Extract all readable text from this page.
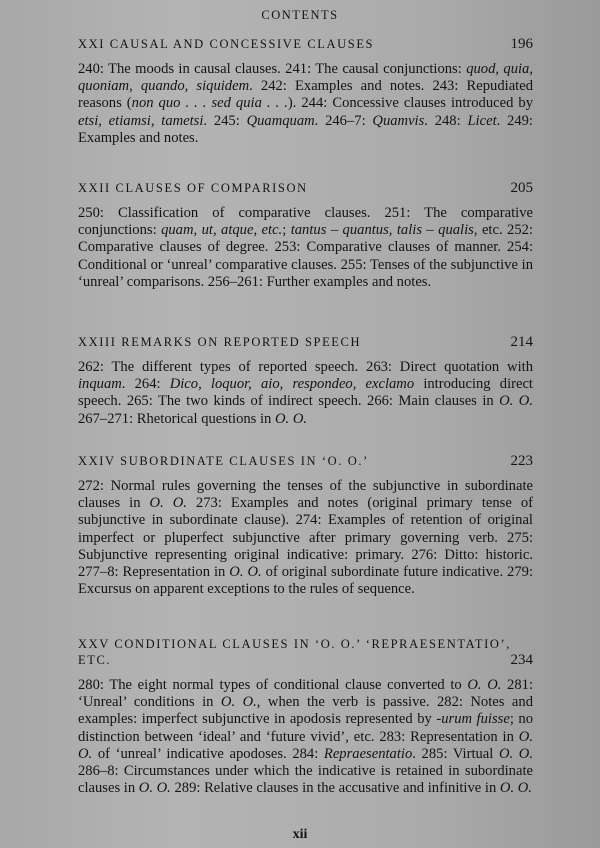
CONTENTS
XXI CAUSAL AND CONCESSIVE CLAUSES	196
240: The moods in causal clauses. 241: The causal conjunctions: quod, quia, quoniam, quando, siquidem. 242: Examples and notes. 243: Repudiated reasons (non quo . . . sed quia . . .). 244: Concessive clauses introduced by etsi, etiamsi, tametsi. 245: Quamquam. 246–7: Quamvis. 248: Licet. 249: Examples and notes.
XXII CLAUSES OF COMPARISON	205
250: Classification of comparative clauses. 251: The comparative conjunctions: quam, ut, atque, etc.; tantus – quantus, talis – qualis, etc. 252: Comparative clauses of degree. 253: Comparative clauses of manner. 254: Conditional or ‘unreal’ comparative clauses. 255: Tenses of the subjunctive in ‘unreal’ comparisons. 256–261: Further examples and notes.
XXIII REMARKS ON REPORTED SPEECH	214
262: The different types of reported speech. 263: Direct quotation with inquam. 264: Dico, loquor, aio, respondeo, exclamo introducing direct speech. 265: The two kinds of indirect speech. 266: Main clauses in O. O. 267–271: Rhetorical questions in O. O.
XXIV SUBORDINATE CLAUSES IN ‘O. O.’	223
272: Normal rules governing the tenses of the subjunctive in subordinate clauses in O. O. 273: Examples and notes (original primary tense of subjunctive in subordinate clause). 274: Examples of retention of original imperfect or pluperfect subjunctive after primary governing verb. 275: Subjunctive representing original indicative: primary. 276: Ditto: historic. 277–8: Representation in O. O. of original subordinate future indicative. 279: Excursus on apparent exceptions to the rules of sequence.
XXV CONDITIONAL CLAUSES IN ‘O. O.’ ‘REPRAESENTATIO’,
ETC.	234
280: The eight normal types of conditional clause converted to O. O. 281: ‘Unreal’ conditions in O. O., when the verb is passive. 282: Notes and examples: imperfect subjunctive in apodosis represented by -urum fuisse; no distinction between ‘ideal’ and ‘future vivid’, etc. 283: Representation in O. O. of ‘unreal’ indicative apodoses. 284: Repraesentatio. 285: Virtual O. O. 286–8: Circumstances under which the indicative is retained in subordinate clauses in O. O. 289: Relative clauses in the accusative and infinitive in O. O.
xii
